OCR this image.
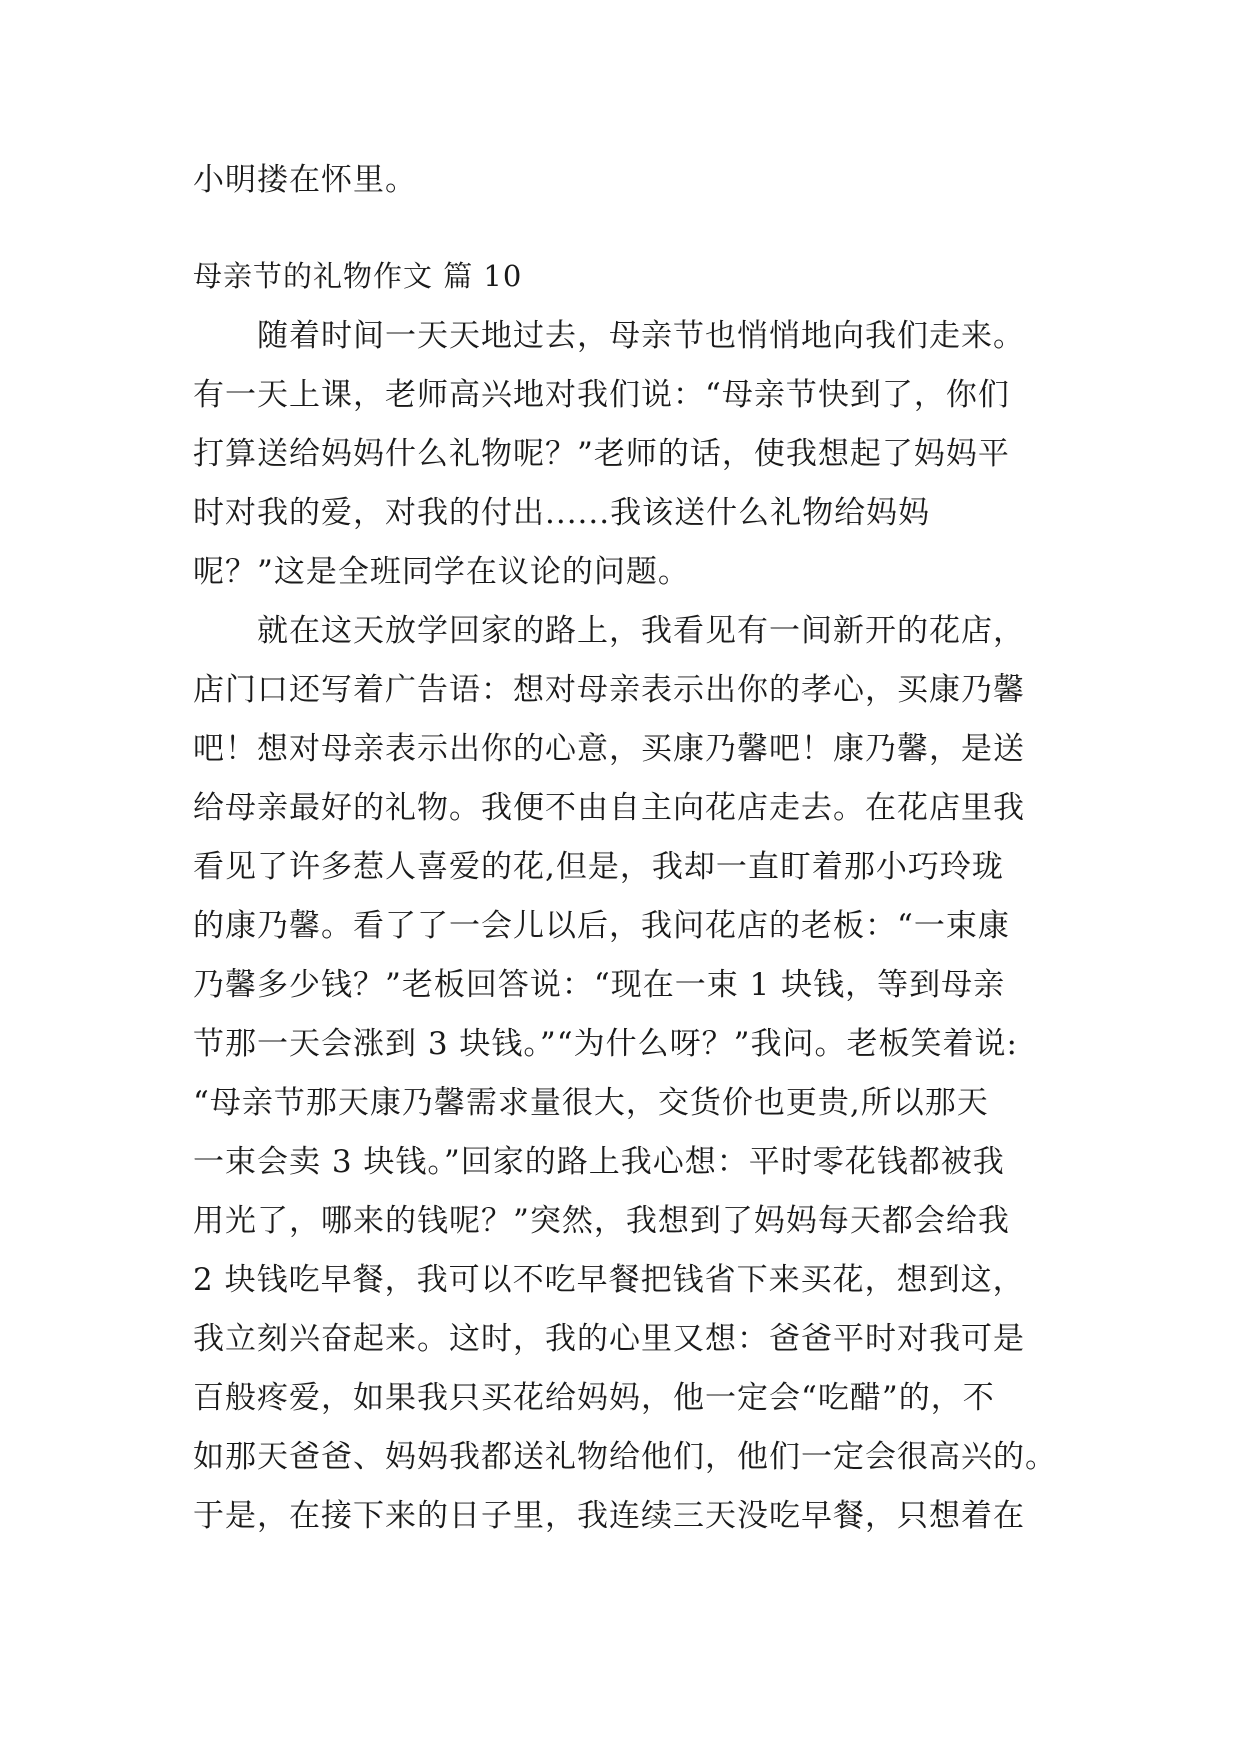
小明搂在怀里。
母亲节的礼物作文 篇 10
　　随着时间一天天地过去，母亲节也悄悄地向我们走来。
有一天上课，老师高兴地对我们说：“母亲节快到了，你们
打算送给妈妈什么礼物呢？”老师的话，使我想起了妈妈平
时对我的爱，对我的付出......我该送什么礼物给妈妈
呢？”这是全班同学在议论的问题。
　　就在这天放学回家的路上，我看见有一间新开的花店，
店门口还写着广告语：想对母亲表示出你的孝心，买康乃馨
吧！想对母亲表示出你的心意，买康乃馨吧！康乃馨，是送
给母亲最好的礼物。我便不由自主向花店走去。在花店里我
看见了许多惹人喜爱的花,但是，我却一直盯着那小巧玲珑
的康乃馨。看了了一会儿以后，我问花店的老板：“一束康
乃馨多少钱？”老板回答说：“现在一束 1 块钱，等到母亲
节那一天会涨到 3 块钱。”“为什么呀？”我问。老板笑着说:
“母亲节那天康乃馨需求量很大，交货价也更贵,所以那天
一束会卖 3 块钱。”回家的路上我心想：平时零花钱都被我
用光了，哪来的钱呢？”突然，我想到了妈妈每天都会给我
2 块钱吃早餐，我可以不吃早餐把钱省下来买花，想到这，
我立刻兴奋起来。这时，我的心里又想：爸爸平时对我可是
百般疼爱，如果我只买花给妈妈，他一定会“吃醋”的，不
如那天爸爸、妈妈我都送礼物给他们，他们一定会很高兴的。
于是，在接下来的日子里，我连续三天没吃早餐，只想着在
